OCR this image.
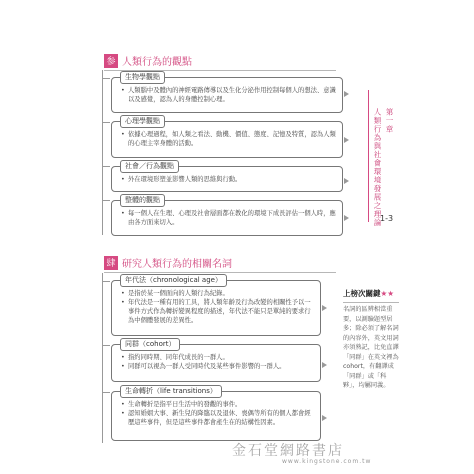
参 人類行為的觀點
生物學觀點

• 人類腦中及體內的神經電路傳導以及生化分泌作用控制每個人的想法、意識以及感覺，認為人的身體控制心理。

心理學觀點

• 依據心理過程，如人類之看法、動機、價值、態度、記憶及特質，認為人類的心理主宰身體的活動。

社會／行為觀點

• 外在環境形塑並影響人類的思維與行動。

整體的觀點

• 每一個人在生理、心理及社會層面都在教化的環境下成長評估一個人時，應由各方面來切入。

肆 研究人類行為的相關名詞
年代法（chronological age）

• 是指於某一個面向的人類行為紀錄。

• 年代法是一種有用的工具，將人類年齡及行為改變的相關性予以一事件方式作為轉折變異程度的描述，年代法不能只是單純的要求行為中個體發展的差異性。

同群（cohort）

• 指約同時期、同年代成長的一群人。

• 同群可以視為一群人受同時代及某些事件影響的一群人。

生命轉折（life transitions）

• 生命轉折是指平日生活中的發觀的事件。

• 認知婚姻大事、新生兒的降臨以及退休、喪偶等所有的個人都會經歷這些事件，但是這些事件都會產生在的結構性因素。

第一章
人類行為與社會環境發展之理論
1-3
上榜次關鍵★★
名詞的區辨相當重要，以測驗題型居多；除必須了解名詞的內容外，英文用詞亦須熟記，比免直譯「同群」在英文裡為cohort，有翻譯成「同群」或「科夥」，均屬同義。
金石堂網路書店
www.kingstone.com.tw
